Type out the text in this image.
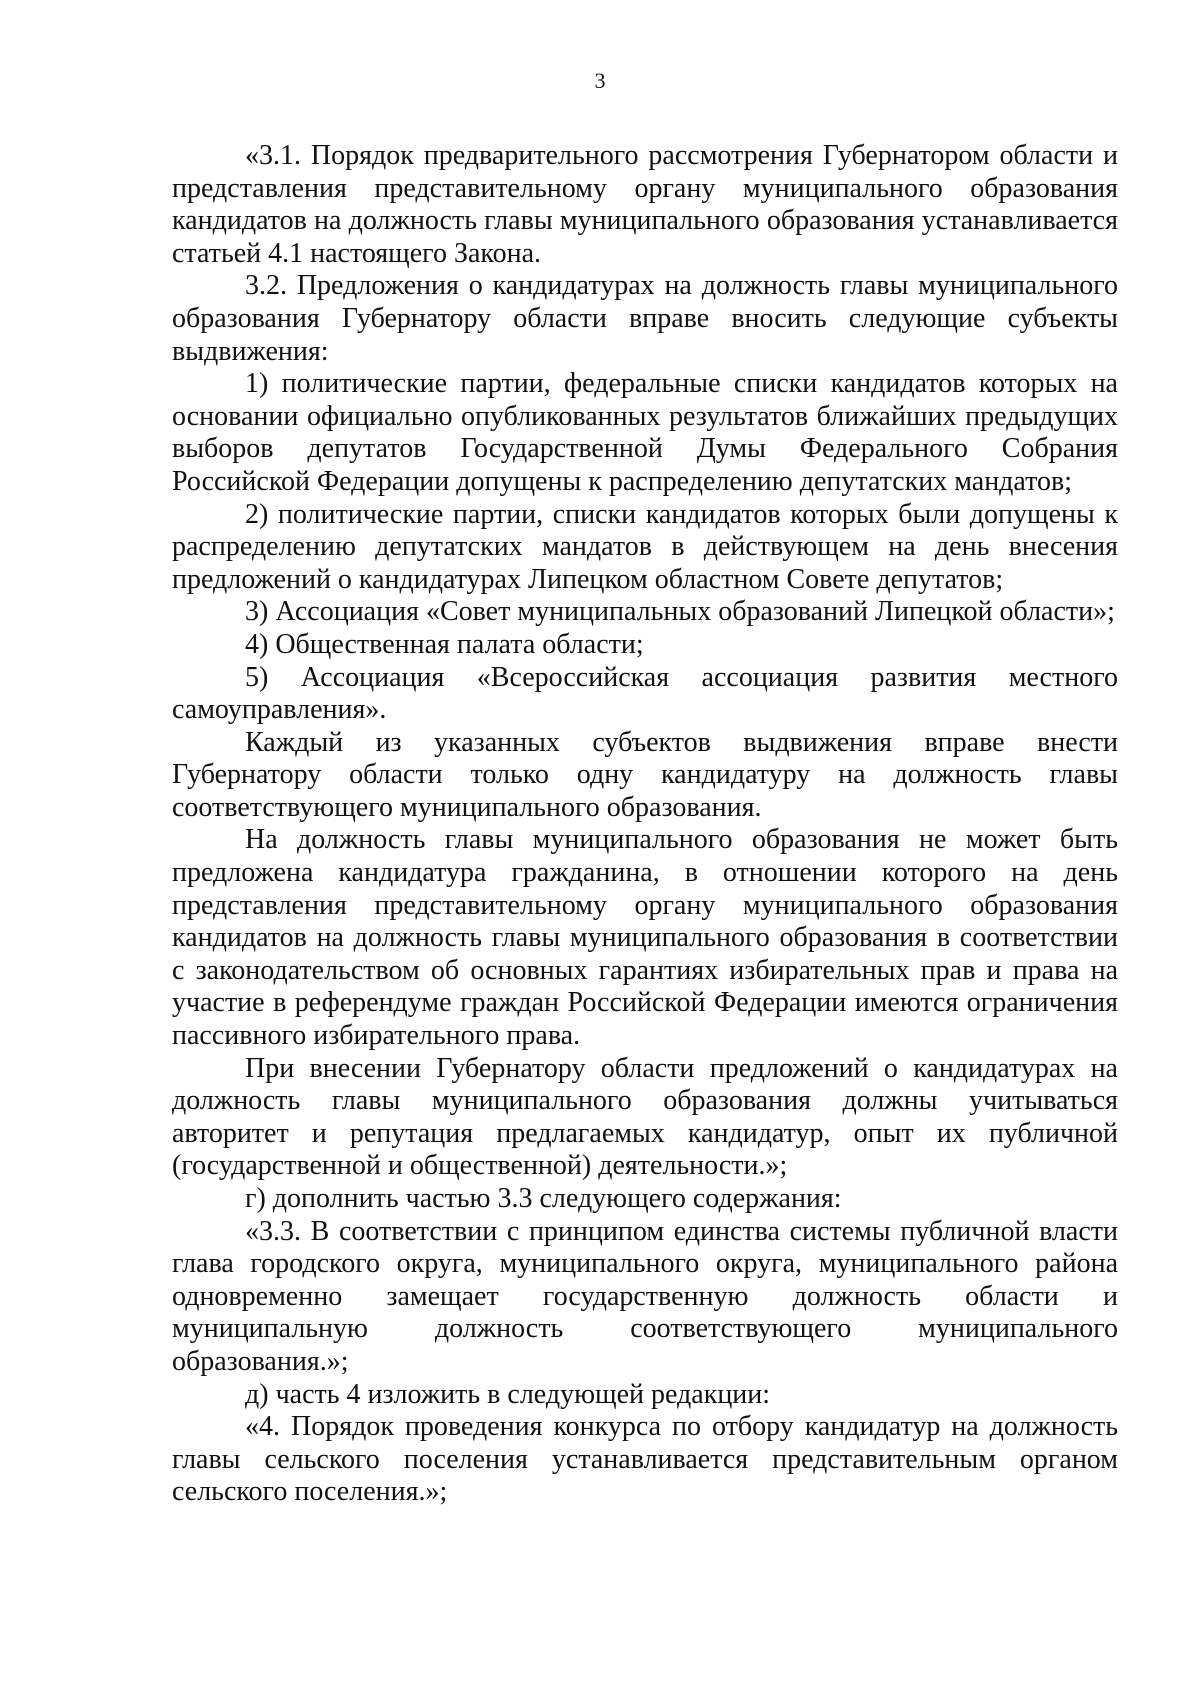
3

«3.1. Порядок предварительного рассмотрения Губернатором области и представления представительному органу муниципального образования кандидатов на должность главы муниципального образования устанавливается статьей 4.1 настоящего Закона.

3.2. Предложения о кандидатурах на должность главы муниципального образования Губернатору области вправе вносить следующие субъекты выдвижения:

1) политические партии, федеральные списки кандидатов которых на основании официально опубликованных результатов ближайших предыдущих выборов депутатов Государственной Думы Федерального Собрания Российской Федерации допущены к распределению депутатских мандатов;

2) политические партии, списки кандидатов которых были допущены к распределению депутатских мандатов в действующем на день внесения предложений о кандидатурах Липецком областном Совете депутатов;

3) Ассоциация «Совет муниципальных образований Липецкой области»;

4) Общественная палата области;

5) Ассоциация «Всероссийская ассоциация развития местного самоуправления».

Каждый из указанных субъектов выдвижения вправе внести Губернатору области только одну кандидатуру на должность главы соответствующего муниципального образования.

На должность главы муниципального образования не может быть предложена кандидатура гражданина, в отношении которого на день представления представительному органу муниципального образования кандидатов на должность главы муниципального образования в соответствии с законодательством об основных гарантиях избирательных прав и права на участие в референдуме граждан Российской Федерации имеются ограничения пассивного избирательного права.

При внесении Губернатору области предложений о кандидатурах на должность главы муниципального образования должны учитываться авторитет и репутация предлагаемых кандидатур, опыт их публичной (государственной и общественной) деятельности.»;

г) дополнить частью 3.3 следующего содержания:

«3.3. В соответствии с принципом единства системы публичной власти глава городского округа, муниципального округа, муниципального района одновременно замещает государственную должность области и муниципальную должность соответствующего муниципального образования.»;

д) часть 4 изложить в следующей редакции:

«4. Порядок проведения конкурса по отбору кандидатур на должность главы сельского поселения устанавливается представительным органом сельского поселения.»;
